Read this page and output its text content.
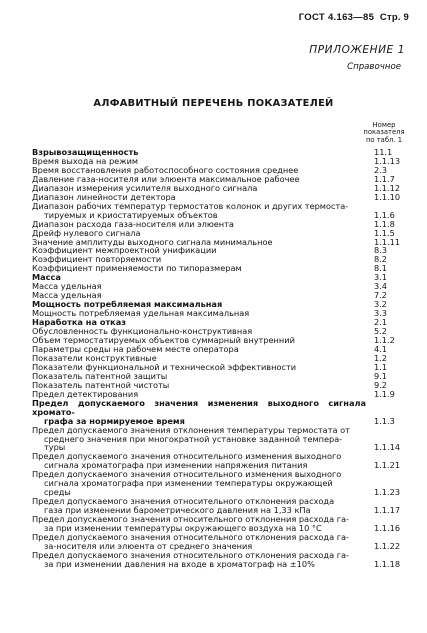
ГОСТ 4.163—85 Стр. 9
ПРИЛОЖЕНИЕ 1
Справочное
АЛФАВИТНЫЙ ПЕРЕЧЕНЬ ПОКАЗАТЕЛЕЙ
Номер
показателя
по табл. 1
Взрывозащищенность	11.1
Время выхода на режим	1.1.13
Время восстановления работоспособного состояния среднее	2.3
Давление газа-носителя или элюента максимальное рабочее	1.1.7
Диапазон измерения усилителя выходного сигнала	1.1.12
Диапазон линейности детектора	1.1.10
Диапазон рабочих температур термостатов колонок и других термоста-
тируемых и криостатируемых объектов	1.1.6
Диапазон расхода газа-носителя или элюента	1.1.8
Дрейф нулевого сигнала	1.1.5
Значение амплитуды выходного сигнала минимальное	1.1.11
Коэффициент межпроектной унификации	8.3
Коэффициент повторяемости	8.2
Коэффициент применяемости по типоразмерам	8.1
Масса	3.1
Масса удельная	3.4
Масса удельная	7.2
Мощность потребляемая максимальная	3.2
Мощность потребляемая удельная максимальная	3.3
Наработка на отказ	2.1
Обусловленность функционально-конструктивная	5.2
Объем термостатируемых объектов суммарный внутренний	1.1.2
Параметры среды на рабочем месте оператора	4.1
Показатели конструктивные	1.2
Показатели функциональной и технической эффективности	1.1
Показатель патентной защиты	9.1
Показатель патентной чистоты	9.2
Предел детектирования	1.1.9
Предел допускаемого значения изменения выходного сигнала хромато-
графа за нормируемое время	1.1.3
Предел допускаемого значения отклонения температуры термостата от
среднего значения при многократной установке заданной темпера-
туры	1.1.14
Предел допускаемого значения относительного изменения выходного
сигнала хроматографа при изменении напряжения питания	1.1.21
Предел допускаемого значения относительного изменения выходного
сигнала хроматографа при изменении температуры окружающей
среды	1.1.23
Предел допускаемого значения относительного отклонения расхода
газа при изменении барометрического давления на 1,33 кПа	1.1.17
Предел допускаемого значения относительного отклонения расхода га-
за при изменении температуры окружающего воздуха на 10 °С	1.1.16
Предел допускаемого значения относительного отклонения расхода га-
за-носителя или элюента от среднего значения	1.1.22
Предел допускаемого значения относительного отклонения расхода га-
за при изменении давления на входе в хроматограф на ±10%	1.1.18
